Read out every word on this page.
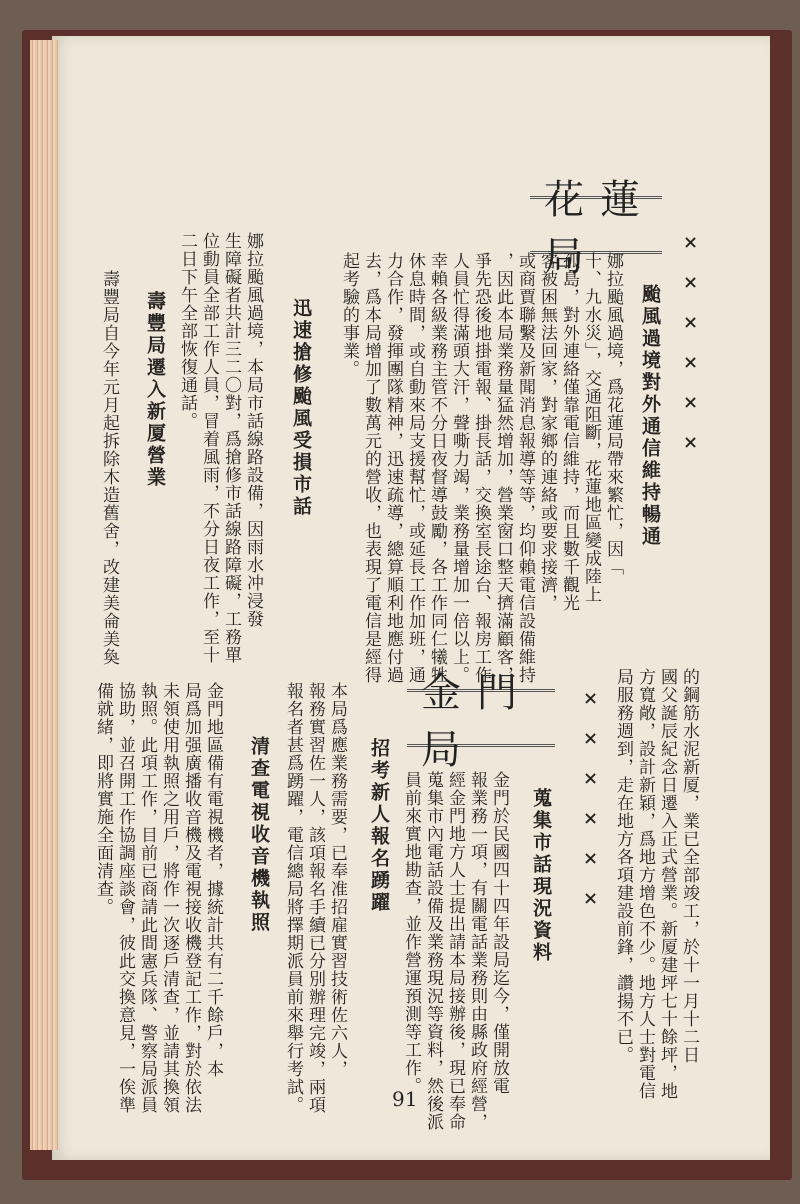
××××××
花蓮局
颱風過境對外通信維持暢通
娜拉颱風過境，爲花蓮局帶來繁忙，因「
十、九水災」，交通阻斷，花蓮地區變成陸上
孤島，對外連絡僅靠電信維持，而且數千觀光
客被困無法回家，對家鄉的連絡或要求接濟，
或商賈聯繫及新聞消息報導等等，均仰賴電信設備維持
，因此本局業務量猛然增加，營業窗口整天擠滿顧客，
爭先恐後地掛電報、掛長話，交換室長途台、報房工作
人員忙得滿頭大汗，聲嘶力竭，業務量增加一倍以上。
幸賴各級業務主管不分日夜督導鼓勵，各工作同仁犧牲
休息時間，或自動來局支援幫忙，或延長工作加班，通
力合作，發揮團隊精神，迅速疏導，總算順利地應付過
去，爲本局增加了數萬元的營收，也表現了電信是經得
起考驗的事業。
迅速搶修颱風受損市話
娜拉颱風過境，本局市話線路設備，因雨水冲浸發
生障礙者共計三二〇對，爲搶修市話線路障礙，工務單
位動員全部工作人員，冒着風雨，不分日夜工作，至十
二日下午全部恢復通話。
壽豐局遷入新厦營業
壽豐局自今年元月起拆除木造舊舍，改建美侖美奐
的鋼筋水泥新厦，業已全部竣工，於十一月十二日
國父誕辰紀念日遷入正式營業。新厦建坪七十餘坪，地
方寬敞，設計新穎，爲地方增色不少。地方人士對電信
局服務週到，走在地方各項建設前鋒，讚揚不已。
××××××
金門局
蒐集市話現況資料
金門於民國四十四年設局迄今，僅開放電
報業務一項，有關電話業務則由縣政府經營，
經金門地方人士提出請本局接辦後，現已奉命
蒐集市內電話設備及業務現況等資料，然後派
員前來實地勘查，並作營運預測等工作。
招考新人報名踴躍
本局爲應業務需要，已奉准招雇實習技術佐六人，
報務實習佐一人，該項報名手續已分別辦理完竣，兩項
報名者甚爲踴躍，電信總局將擇期派員前來舉行考試。
清查電視收音機執照
金門地區備有電視機者，據統計共有二千餘戶，本
局爲加强廣播收音機及電視接收機登記工作，對於依法
未領使用執照之用戶，將作一次逐戶清查，並請其換領
執照。此項工作，目前已商請此間憲兵隊、警察局派員
協助，並召開工作協調座談會，彼此交換意見，一俟準
備就緒，即將實施全面清查。
91
